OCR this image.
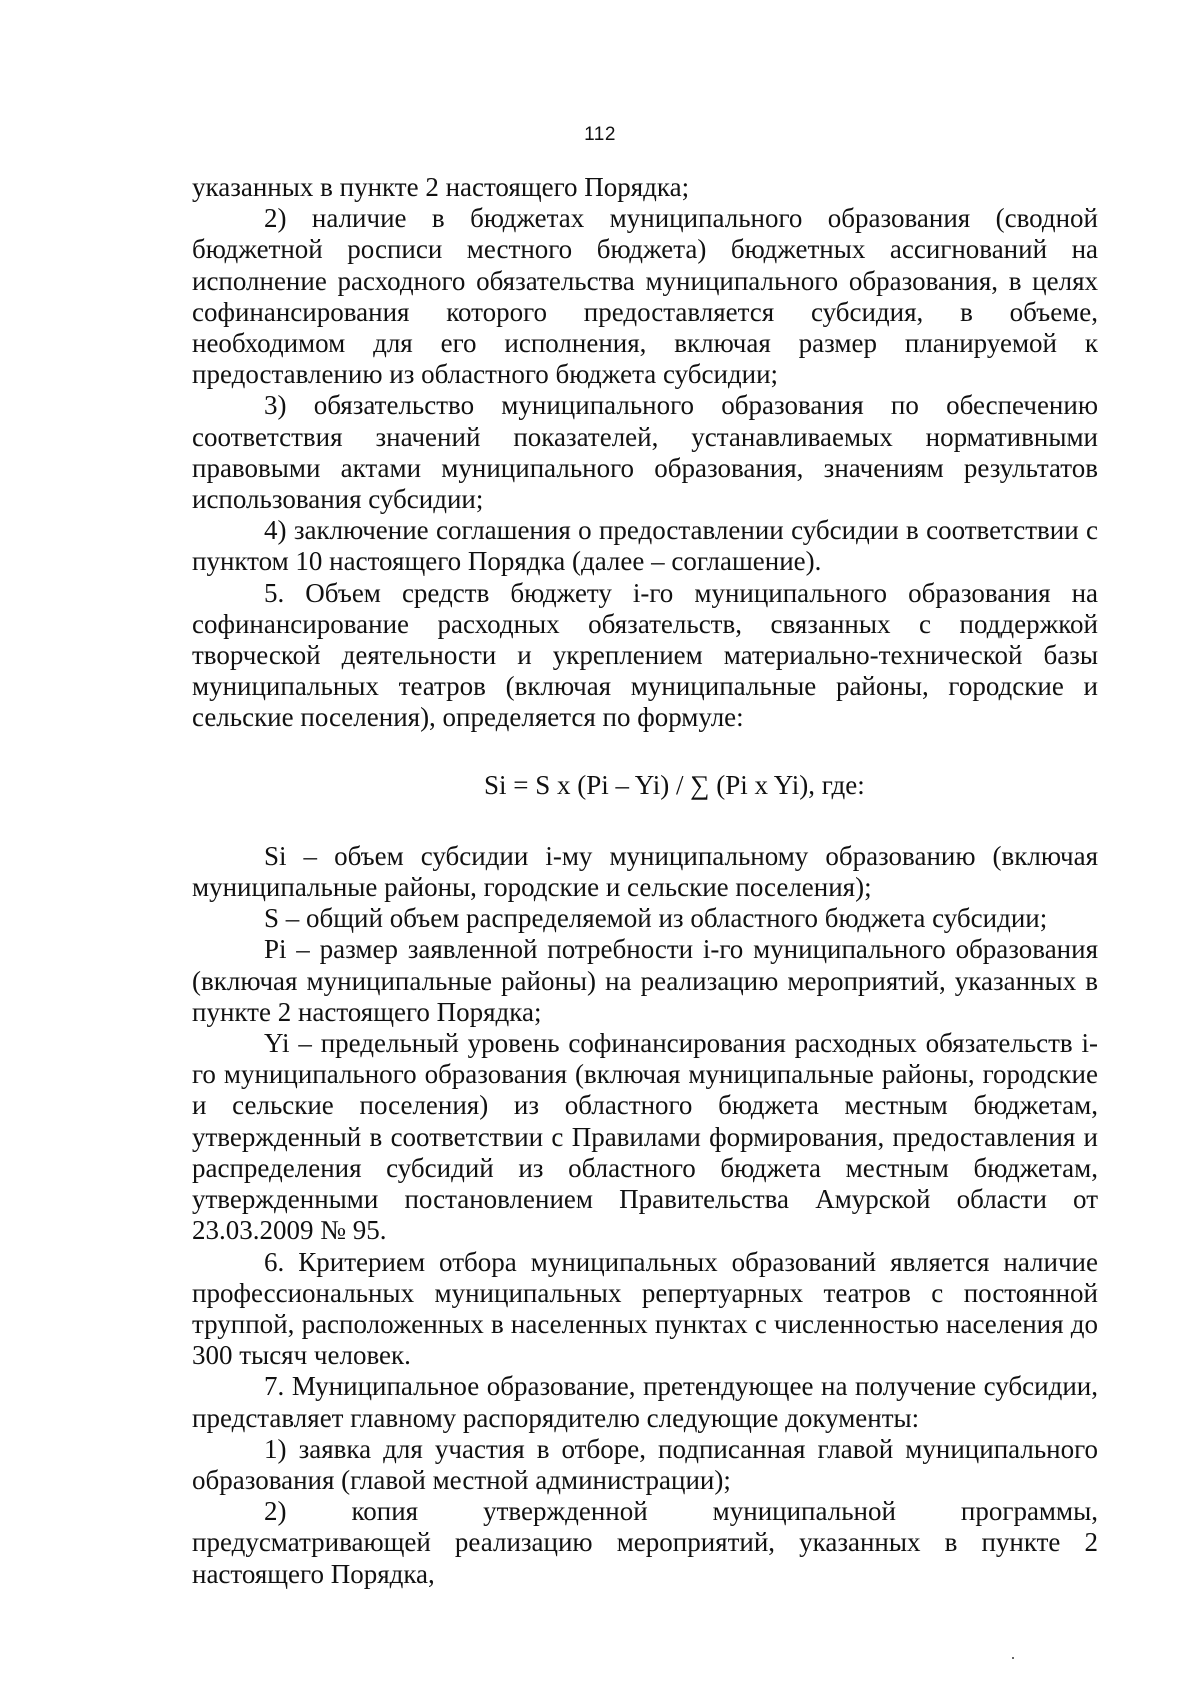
112

указанных в пункте 2 настоящего Порядка;

2) наличие в бюджетах муниципального образования (сводной бюджетной росписи местного бюджета) бюджетных ассигнований на исполнение расходного обязательства муниципального образования, в целях софинансирования которого предоставляется субсидия, в объеме, необходимом для его исполнения, включая размер планируемой к предоставлению из областного бюджета субсидии;

3) обязательство муниципального образования по обеспечению соответствия значений показателей, устанавливаемых нормативными правовыми актами муниципального образования, значениям результатов использования субсидии;

4) заключение соглашения о предоставлении субсидии в соответствии с пунктом 10 настоящего Порядка (далее – соглашение).

5. Объем средств бюджету i-го муниципального образования на софинансирование расходных обязательств, связанных с поддержкой творческой деятельности и укреплением материально-технической базы муниципальных театров (включая муниципальные районы, городские и сельские поселения), определяется по формуле:

Si = S x (Pi – Yi) / ∑ (Pi x Yi), где:

Si – объем субсидии i-му муниципальному образованию (включая муниципальные районы, городские и сельские поселения);

S – общий объем распределяемой из областного бюджета субсидии;

Pi – размер заявленной потребности i-го муниципального образования (включая муниципальные районы) на реализацию мероприятий, указанных в пункте 2 настоящего Порядка;

Yi – предельный уровень софинансирования расходных обязательств i-го муниципального образования (включая муниципальные районы, городские и сельские поселения) из областного бюджета местным бюджетам, утвержденный в соответствии с Правилами формирования, предоставления и распределения субсидий из областного бюджета местным бюджетам, утвержденными постановлением Правительства Амурской области от 23.03.2009 № 95.

6. Критерием отбора муниципальных образований является наличие профессиональных муниципальных репертуарных театров с постоянной труппой, расположенных в населенных пунктах с численностью населения до 300 тысяч человек.

7. Муниципальное образование, претендующее на получение субсидии, представляет главному распорядителю следующие документы:

1) заявка для участия в отборе, подписанная главой муниципального образования (главой местной администрации);

2) копия утвержденной муниципальной программы, предусматривающей реализацию мероприятий, указанных в пункте 2 настоящего Порядка,
